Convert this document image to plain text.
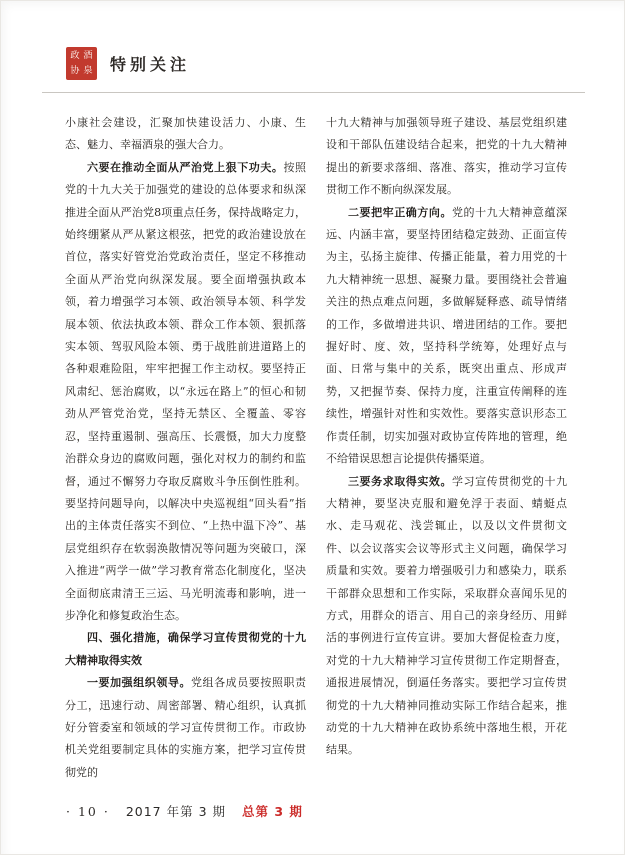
酒
泉
政
协 特别关注

小康社会建设，汇聚加快建设活力、小康、生态、魅力、幸福酒泉的强大合力。

六要在推动全面从严治党上狠下功夫。按照党的十九大关于加强党的建设的总体要求和纵深推进全面从严治党8项重点任务，保持战略定力，始终绷紧从严从紧这根弦，把党的政治建设放在首位，落实好管党治党政治责任，坚定不移推动全面从严治党向纵深发展。要全面增强执政本领，着力增强学习本领、政治领导本领、科学发展本领、依法执政本领、群众工作本领、狠抓落实本领、驾驭风险本领、勇于战胜前进道路上的各种艰难险阻，牢牢把握工作主动权。要坚持正风肃纪、惩治腐败，以“永远在路上”的恒心和韧劲从严管党治党，坚持无禁区、全覆盖、零容忍，坚持重遏制、强高压、长震慑，加大力度整治群众身边的腐败问题，强化对权力的制约和监督，通过不懈努力夺取反腐败斗争压倒性胜利。要坚持问题导向，以解决中央巡视组“回头看”指出的主体责任落实不到位、“上热中温下冷”、基层党组织存在软弱涣散情况等问题为突破口，深入推进“两学一做”学习教育常态化制度化，坚决全面彻底肃清王三运、马光明流毒和影响，进一步净化和修复政治生态。

四、强化措施，确保学习宣传贯彻党的十九大精神取得实效

一要加强组织领导。党组各成员要按照职责分工，迅速行动、周密部署、精心组织，认真抓好分管委室和领域的学习宣传贯彻工作。市政协机关党组要制定具体的实施方案，把学习宣传贯彻党的

十九大精神与加强领导班子建设、基层党组织建设和干部队伍建设结合起来，把党的十九大精神提出的新要求落细、落准、落实，推动学习宣传贯彻工作不断向纵深发展。

二要把牢正确方向。党的十九大精神意蕴深远、内涵丰富，要坚持团结稳定鼓劲、正面宣传为主，弘扬主旋律、传播正能量，着力用党的十九大精神统一思想、凝聚力量。要围绕社会普遍关注的热点难点问题，多做解疑释惑、疏导情绪的工作，多做增进共识、增进团结的工作。要把握好时、度、效，坚持科学统筹，处理好点与面、日常与集中的关系，既突出重点、形成声势，又把握节奏、保持力度，注重宣传阐释的连续性，增强针对性和实效性。要落实意识形态工作责任制，切实加强对政协宣传阵地的管理，绝不给错误思想言论提供传播渠道。

三要务求取得实效。学习宣传贯彻党的十九大精神，要坚决克服和避免浮于表面、蜻蜓点水、走马观花、浅尝辄止，以及以文件贯彻文件、以会议落实会议等形式主义问题，确保学习质量和实效。要着力增强吸引力和感染力，联系干部群众思想和工作实际，采取群众喜闻乐见的方式，用群众的语言、用自己的亲身经历、用鲜活的事例进行宣传宣讲。要加大督促检查力度，对党的十九大精神学习宣传贯彻工作定期督查，通报进展情况，倒逼任务落实。要把学习宣传贯彻党的十九大精神同推动实际工作结合起来，推动党的十九大精神在政协系统中落地生根，开花结果。

· 10 · 2017 年第 3 期 总第 3 期
